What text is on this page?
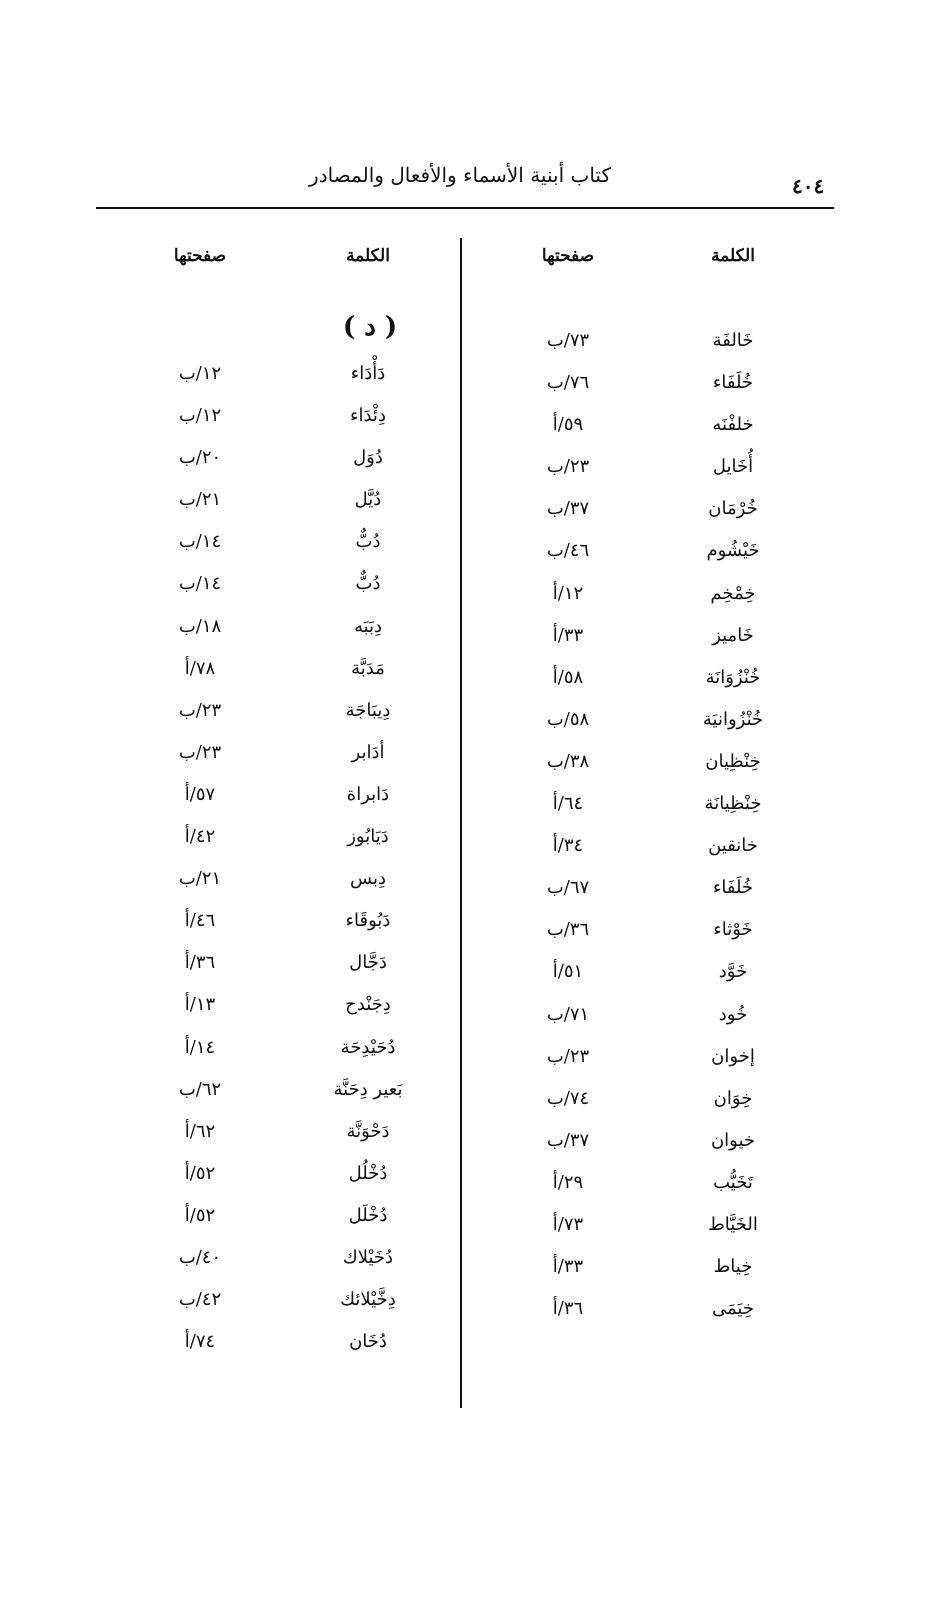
٤٠٤
كتاب أبنية الأسماء والأفعال والمصادر
الكلمة
صفحتها
خَالفَة
٧٣/ب
خُلَفَاء
٧٦/ب
خلفْنَه
٥٩/أ
أُخَايل
٢٣/ب
خُرْمَان
٣٧/ب
خَيْشُوم
٤٦/ب
خِمْخِم
١٢/أ
خَاميز
٣٣/أ
خُنْزُوَانَة
٥٨/أ
خُنْزُوانيَة
٥٨/ب
خِنْظِيان
٣٨/ب
خِنْظِيانَة
٦٤/أ
خانقين
٣٤/أ
خُلَفَاء
٦٧/ب
خَوْثاء
٣٦/ب
خَوَّد
٥١/أ
خُود
٧١/ب
إخوان
٢٣/ب
خِوَان
٧٤/ب
خيوان
٣٧/ب
تَخَيُّب
٢٩/أ
الخَيَّاط
٧٣/أ
خِياط
٣٣/أ
خِيَمَى
٣٦/أ
الكلمة
صفحتها
( د )
دَأْدَاء
١٢/ب
دِئْدَاء
١٢/ب
دُوَل
٢٠/ب
دُيَّل
٢١/ب
دُبٌّ
١٤/ب
دُبٌّ
١٤/ب
دِبَبَه
١٨/ب
مَدَبَّة
٧٨/أ
دِيبَاجَة
٢٣/ب
أدَابر
٢٣/ب
دَابراة
٥٧/أ
دَيَابُوز
٤٢/أ
دِبس
٢١/ب
دَبُوقَاء
٤٦/أ
دَجَّال
٣٦/أ
دِجَنْدح
١٣/أ
دُحَيْدِحَة
١٤/أ
بَعير دِحَنَّة
٦٢/ب
دَحْوَنَّة
٦٢/أ
دُخْلُل
٥٢/أ
دُخْلَل
٥٢/أ
دُخَيْلاك
٤٠/ب
دِخَّيْلائك
٤٢/ب
دُخَان
٧٤/أ
